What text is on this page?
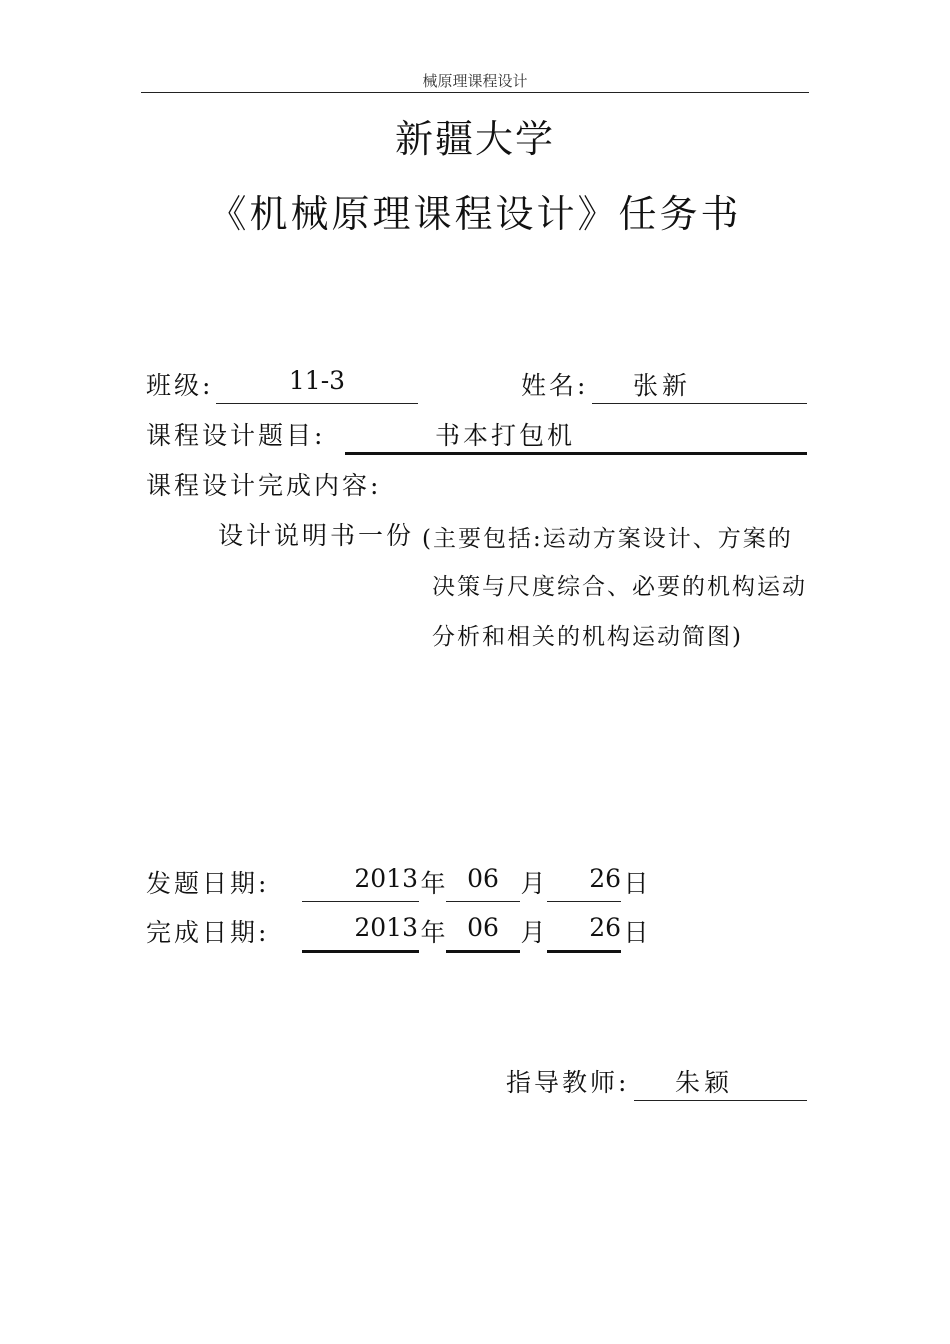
械原理课程设计
新疆大学
《机械原理课程设计》任务书
班级:	11-3	姓名:	张新
课程设计题目:	书本打包机
课程设计完成内容:
设计说明书一份 (主要包括:运动方案设计、方案的
决策与尺度综合、必要的机构运动
分析和相关的机构运动简图)
发题日期:	2013 年 06 月	26 日
完成日期:	2013 年 06 月	26 日
指导教师:	朱颖
